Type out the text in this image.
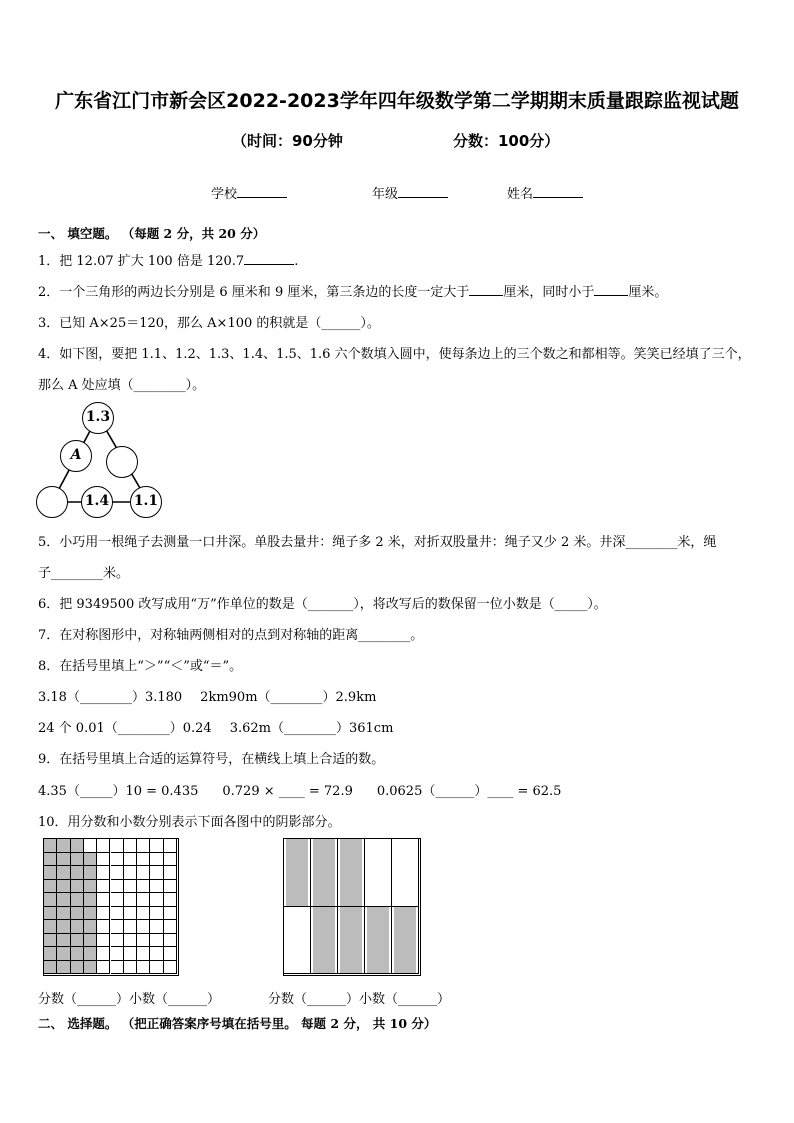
广东省江门市新会区2022-2023学年四年级数学第二学期期末质量跟踪监视试题
（时间：90分钟	分数：100分）
学校	年级	姓名
一、 填空题。 （每题 2 分，共 20 分）
1．把 12.07 扩大 100 倍是 120.7	.
2．一个三角形的两边长分别是 6 厘米和 9 厘米，第三条边的长度一定大于	厘米，同时小于	厘米。
3．已知 A×25＝120，那么 A×100 的积就是（______）。
4．如下图，要把 1.1、1.2、1.3、1.4、1.5、1.6 六个数填入圆中，使每条边上的三个数之和都相等。笑笑已经填了三个，
那么 A 处应填（________）。
1.3
A
1.4 1.1
5．小巧用一根绳子去测量一口井深。单股去量井：绳子多 2 米，对折双股量井：绳子又少 2 米。井深________米，绳
子________米。
6．把 9349500 改写成用“万”作单位的数是（_______），将改写后的数保留一位小数是（_____）。
7．在对称图形中，对称轴两侧相对的点到对称轴的距离________。
8．在括号里填上“＞”“＜”或“＝”。
3.18（________）3.180 2km90m（________）2.9km
24 个 0.01（________）0.24 3.62m（________）361cm
9．在括号里填上合适的运算符号，在横线上填上合适的数。
4.35（_____）10 = 0.435 0.729 × ____ = 72.9 0.0625（______）____ = 62.5
10．用分数和小数分别表示下面各图中的阴影部分。
分数（______）小数（______）	分数（______）小数（______）
二、 选择题。 （把正确答案序号填在括号里。 每题 2 分， 共 10 分）
